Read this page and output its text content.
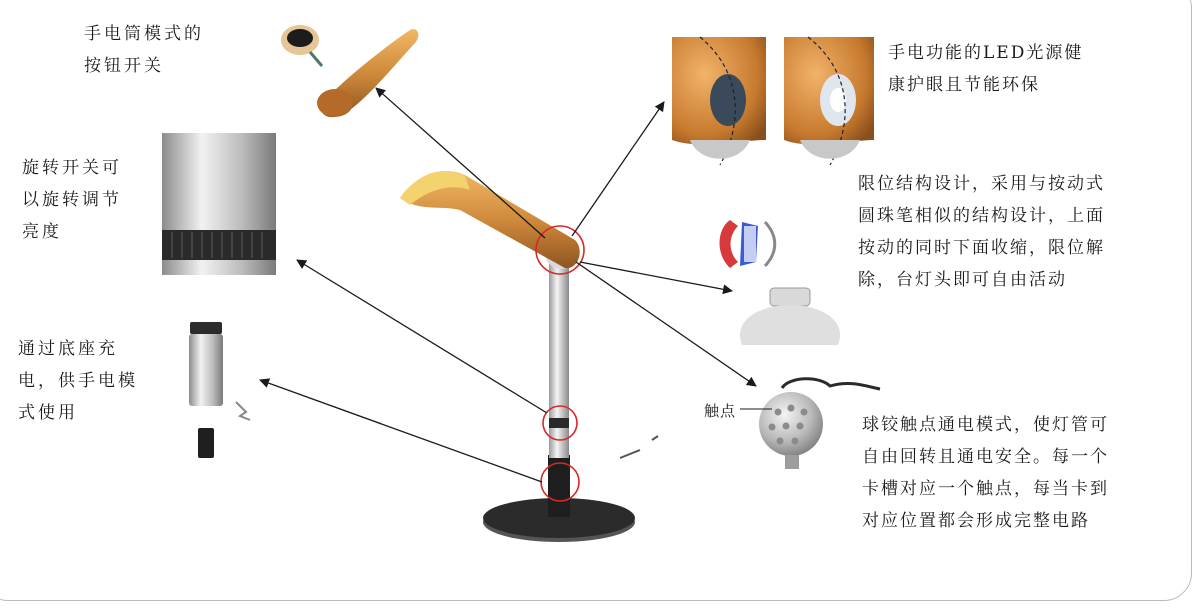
手电筒模式的
按钮开关
旋转开关可
以旋转调节
亮度
通过底座充
电，供手电模
式使用
手电功能的LED光源健
康护眼且节能环保
限位结构设计，采用与按动式
圆珠笔相似的结构设计，上面
按动的同时下面收缩，限位解
除，台灯头即可自由活动
球铰触点通电模式，使灯管可
自由回转且通电安全。每一个
卡槽对应一个触点，每当卡到
对应位置都会形成完整电路
触点
